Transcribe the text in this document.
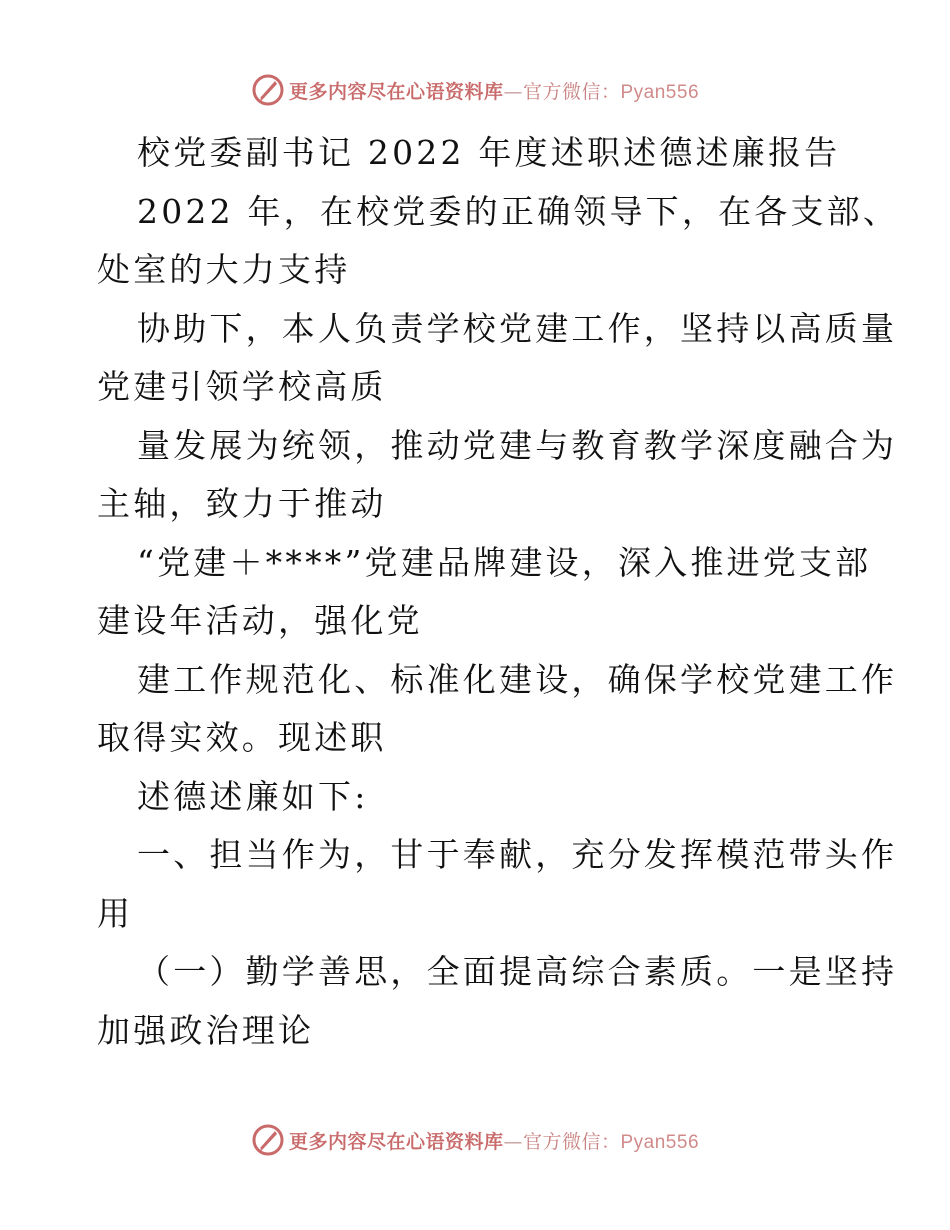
更多内容尽在心语资料库—官方微信：Pyan556

校党委副书记 2022 年度述职述德述廉报告

2022 年，在校党委的正确领导下，在各支部、

处室的大力支持

协助下，本人负责学校党建工作，坚持以高质量

党建引领学校高质

量发展为统领，推动党建与教育教学深度融合为

主轴，致力于推动

“党建＋****”党建品牌建设，深入推进党支部

建设年活动，强化党

建工作规范化、标准化建设，确保学校党建工作

取得实效。现述职

述德述廉如下:

一、担当作为，甘于奉献，充分发挥模范带头作

用

（一）勤学善思，全面提高综合素质。一是坚持

加强政治理论

更多内容尽在心语资料库—官方微信：Pyan556
